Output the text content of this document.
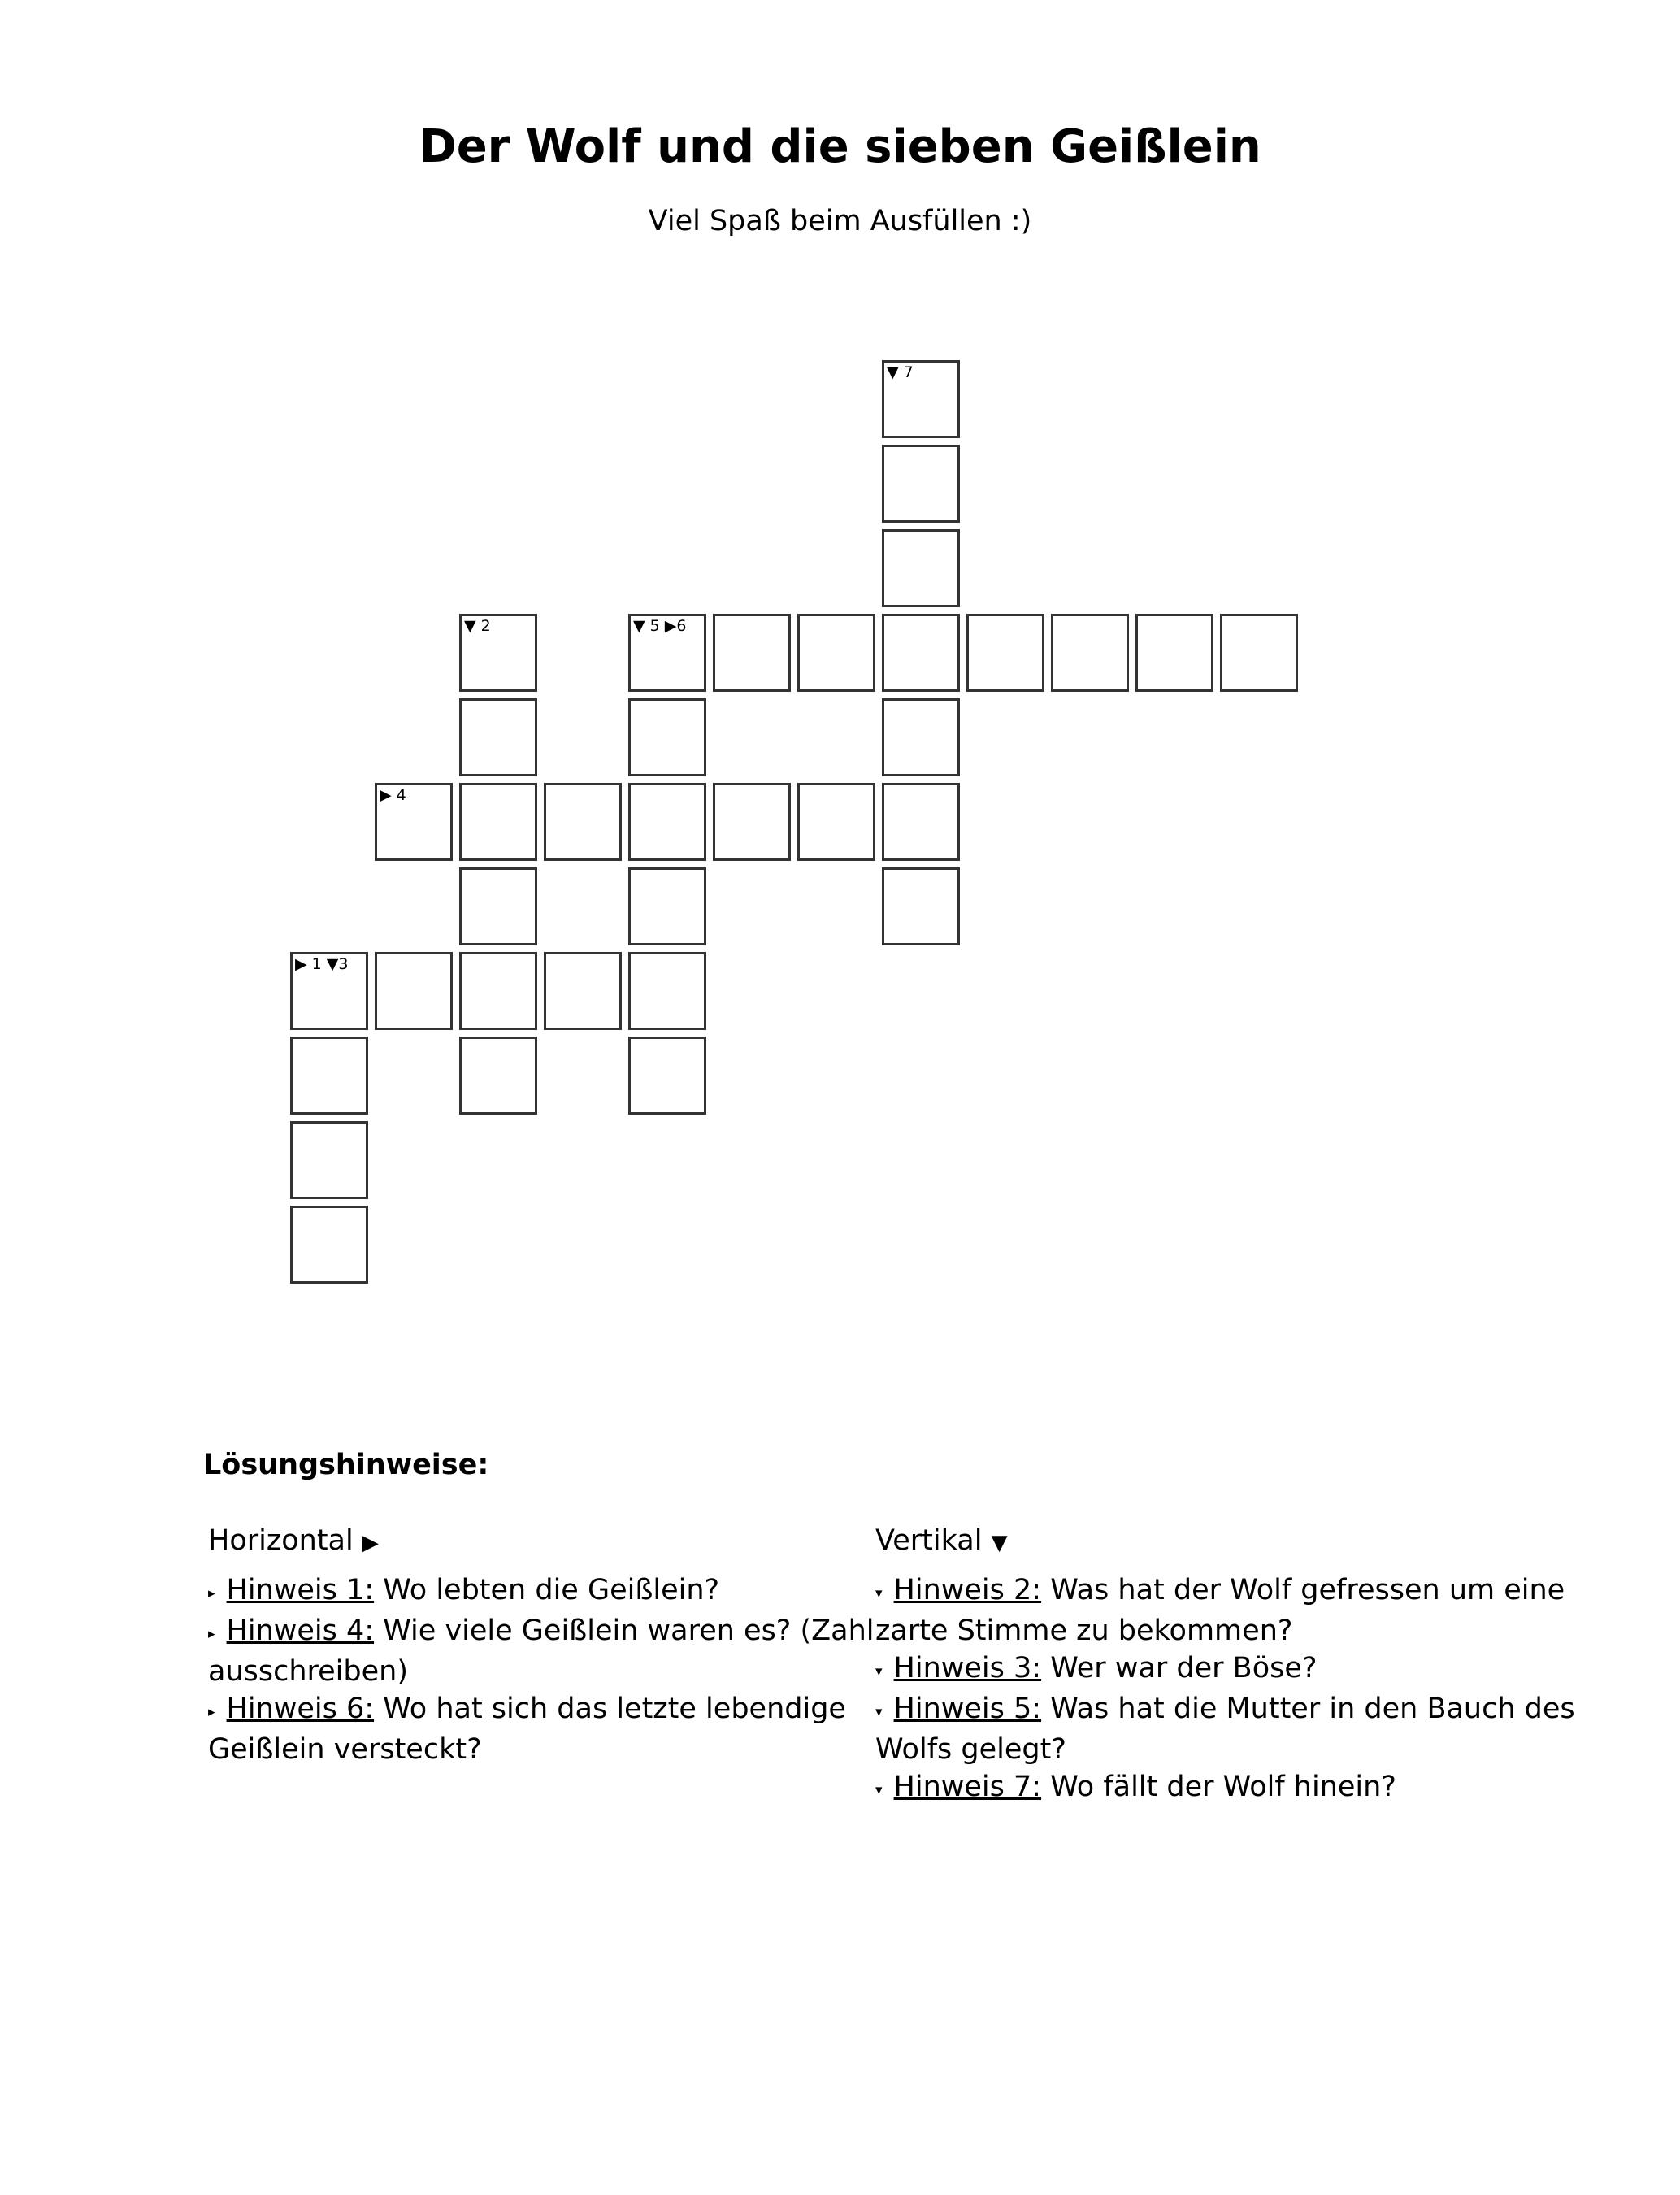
Der Wolf und die sieben Geißlein
Viel Spaß beim Ausfüllen :)
▼ 7
▼ 2	▼ 5 ▶6
▶ 4
▶ 1 ▼3
Lösungshinweise:
Horizontal ▶
▸ Hinweis 1: Wo lebten die Geißlein?
▸ Hinweis 4: Wie viele Geißlein waren es? (Zahl ausschreiben)
▸ Hinweis 6: Wo hat sich das letzte lebendige Geißlein versteckt?
Vertikal ▼
▾ Hinweis 2: Was hat der Wolf gefressen um eine zarte Stimme zu bekommen?
▾ Hinweis 3: Wer war der Böse?
▾ Hinweis 5: Was hat die Mutter in den Bauch des Wolfs gelegt?
▾ Hinweis 7: Wo fällt der Wolf hinein?
